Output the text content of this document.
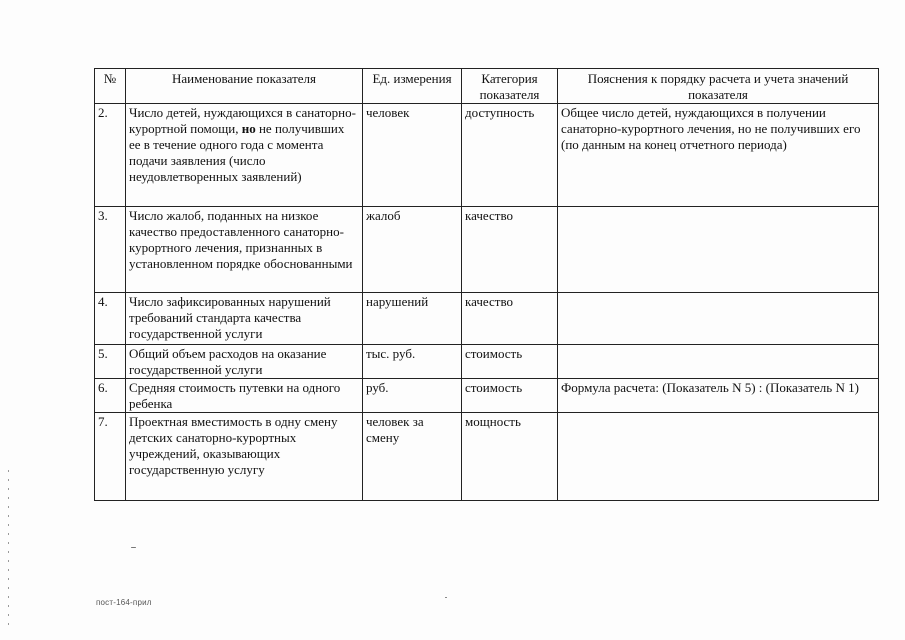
№	Наименование показателя	Ед. измерения	Категория показателя	Пояснения к порядку расчета и учета значений показателя
2.	Число детей, нуждающихся в санаторно-курортной помощи, но не получивших ее в течение одного года с момента подачи заявления (число неудовлетворенных заявлений)	человек	доступность	Общее число детей, нуждающихся в получении санаторно-курортного лечения, но не получивших его (по данным на конец отчетного периода)
3.	Число жалоб, поданных на низкое качество предоставленного санаторно-курортного лечения, признанных в установленном порядке обоснованными	жалоб	качество	
4.	Число зафиксированных нарушений требований стандарта качества государственной услуги	нарушений	качество	
5.	Общий объем расходов на оказание государственной услуги	тыс. руб.	стоимость	
6.	Средняя стоимость путевки на одного ребенка	руб.	стоимость	Формула расчета: (Показатель N 5) : (Показатель N 1)
7.	Проектная вместимость в одну смену детских санаторно-курортных учреждений, оказывающих государственную услугу	человек за смену	мощность	
пост-164-прил
